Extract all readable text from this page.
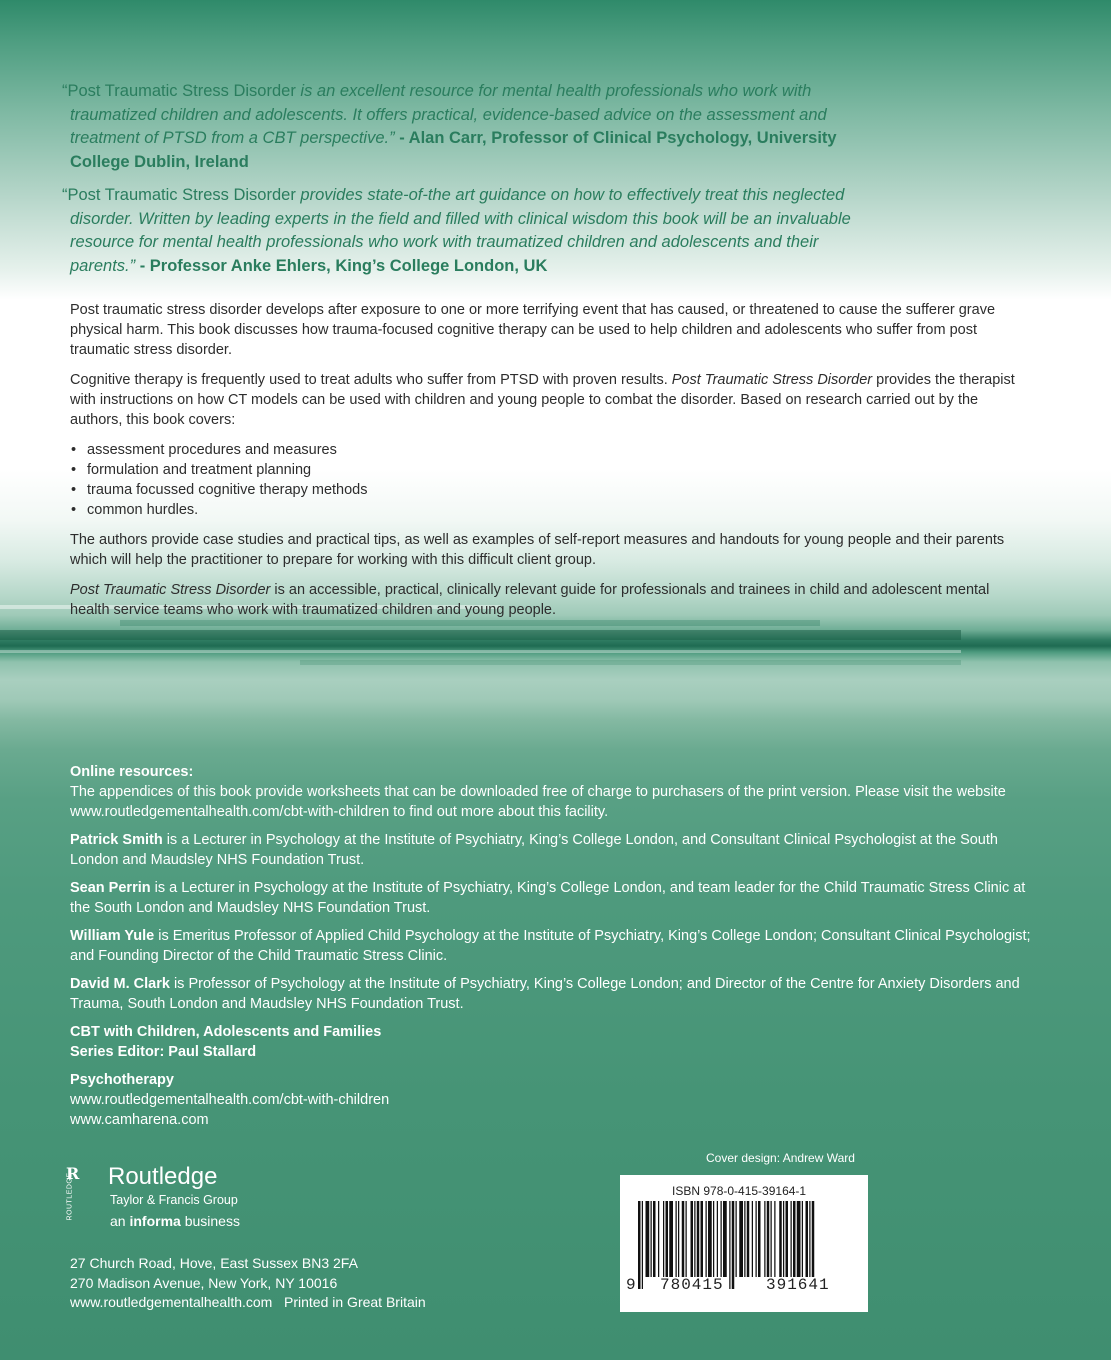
“Post Traumatic Stress Disorder is an excellent resource for mental health professionals who work with traumatized children and adolescents. It offers practical, evidence-based advice on the assessment and treatment of PTSD from a CBT perspective.” - Alan Carr, Professor of Clinical Psychology, University College Dublin, Ireland

“Post Traumatic Stress Disorder provides state-of-the art guidance on how to effectively treat this neglected disorder. Written by leading experts in the field and filled with clinical wisdom this book will be an invaluable resource for mental health professionals who work with traumatized children and adolescents and their parents.” - Professor Anke Ehlers, King’s College London, UK

Post traumatic stress disorder develops after exposure to one or more terrifying event that has caused, or threatened to cause the sufferer grave physical harm. This book discusses how trauma-focused cognitive therapy can be used to help children and adolescents who suffer from post traumatic stress disorder.

Cognitive therapy is frequently used to treat adults who suffer from PTSD with proven results. Post Traumatic Stress Disorder provides the therapist with instructions on how CT models can be used with children and young people to combat the disorder. Based on research carried out by the authors, this book covers:

• assessment procedures and measures
• formulation and treatment planning
• trauma focussed cognitive therapy methods
• common hurdles.

The authors provide case studies and practical tips, as well as examples of self-report measures and handouts for young people and their parents which will help the practitioner to prepare for working with this difficult client group.

Post Traumatic Stress Disorder is an accessible, practical, clinically relevant guide for professionals and trainees in child and adolescent mental health service teams who work with traumatized children and young people.

Online resources:
The appendices of this book provide worksheets that can be downloaded free of charge to purchasers of the print version. Please visit the website www.routledgementalhealth.com/cbt-with-children to find out more about this facility.

Patrick Smith is a Lecturer in Psychology at the Institute of Psychiatry, King’s College London, and Consultant Clinical Psychologist at the South London and Maudsley NHS Foundation Trust.

Sean Perrin is a Lecturer in Psychology at the Institute of Psychiatry, King’s College London, and team leader for the Child Traumatic Stress Clinic at the South London and Maudsley NHS Foundation Trust.

William Yule is Emeritus Professor of Applied Child Psychology at the Institute of Psychiatry, King’s College London; Consultant Clinical Psychologist; and Founding Director of the Child Traumatic Stress Clinic.

David M. Clark is Professor of Psychology at the Institute of Psychiatry, King’s College London; and Director of the Centre for Anxiety Disorders and Trauma, South London and Maudsley NHS Foundation Trust.

CBT with Children, Adolescents and Families
Series Editor: Paul Stallard

Psychotherapy
www.routledgementalhealth.com/cbt-with-children
www.camharena.com

R
ROUTLEDGE Routledge
Taylor & Francis Group
an informa business
27 Church Road, Hove, East Sussex BN3 2FA
270 Madison Avenue, New York, NY 10016
www.routledgementalhealth.com Printed in Great Britain
Cover design: Andrew Ward
ISBN 978-0-415-39164-1
9 780415	391641
